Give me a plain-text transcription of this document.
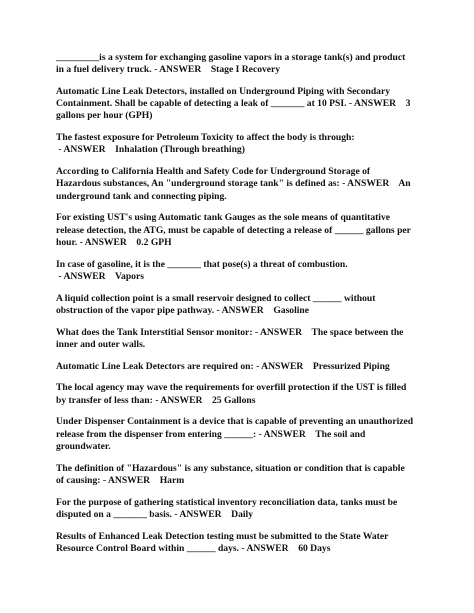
_________is a system for exchanging gasoline vapors in a storage tank(s) and product in a fuel delivery truck. - ANSWER    Stage I Recovery

Automatic Line Leak Detectors, installed on Underground Piping with Secondary Containment. Shall be capable of detecting a leak of _______ at 10 PSI. - ANSWER    3 gallons per hour (GPH)

The fastest exposure for Petroleum Toxicity to affect the body is through: - ANSWER    Inhalation (Through breathing)

According to California Health and Safety Code for Underground Storage of Hazardous substances, An "underground storage tank" is defined as: - ANSWER    An underground tank and connecting piping.

For existing UST's using Automatic tank Gauges as the sole means of quantitative release detection, the ATG, must be capable of detecting a release of ______ gallons per hour. - ANSWER    0.2 GPH

In case of gasoline, it is the _______ that pose(s) a threat of combustion. - ANSWER    Vapors

A liquid collection point is a small reservoir designed to collect ______ without obstruction of the vapor pipe pathway. - ANSWER    Gasoline

What does the Tank Interstitial Sensor monitor: - ANSWER    The space between the inner and outer walls.

Automatic Line Leak Detectors are required on: - ANSWER    Pressurized Piping

The local agency may wave the requirements for overfill protection if the UST is filled by transfer of less than: - ANSWER    25 Gallons

Under Dispenser Containment is a device that is capable of preventing an unauthorized release from the dispenser from entering ______: - ANSWER    The soil and groundwater.

The definition of "Hazardous" is any substance, situation or condition that is capable of causing: - ANSWER    Harm

For the purpose of gathering statistical inventory reconciliation data, tanks must be disputed on a _______ basis. - ANSWER    Daily

Results of Enhanced Leak Detection testing must be submitted to the State Water Resource Control Board within ______ days. - ANSWER    60 Days
